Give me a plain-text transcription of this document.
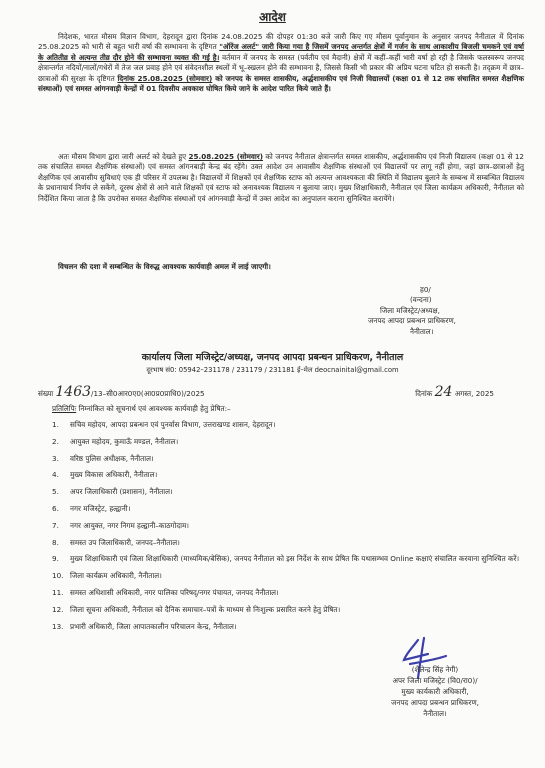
आदेश
निदेशक, भारत मौसम विज्ञान विभाग, देहरादून द्वारा दिनांक 24.08.2025 की दोपहर 01:30 बजे जारी किए गए मौसम पूर्वानुमान के अनुसार जनपद नैनीताल में दिनांक 25.08.2025 को भारी से बहुत भारी वर्षा की सम्भावना के दृष्टिगत "ऑरेंज अलर्ट" जारी किया गया है जिसमें जनपद अन्तर्गत क्षेत्रों में गर्जन के साथ आकाशीय बिजली चमकने एवं वर्षा के अतितीव्र से अत्यन्त तीव्र दौर होने की सम्भावना व्यक्त की गई है। वर्तमान में जनपद के समस्त (पर्वतीय एवं मैदानी) क्षेत्रों में कहीं–कहीं भारी वर्षा हो रही है जिसके फलस्वरूप जनपद क्षेत्रान्तर्गत नदियों/नालों/गधेरों में तेज जल प्रवाह होने एवं संवेदनशील स्थलों में भू–स्खलन होने की सम्भावना है, जिससे किसी भी प्रकार की अप्रिय घटना घटित हो सकती है। तद्क्रम में छात्र–छात्राओं की सुरक्षा के दृष्टिगत दिनांक 25.08.2025 (सोमवार) को जनपद के समस्त शासकीय, अर्द्धशासकीय एवं निजी विद्यालयों (कक्षा 01 से 12 तक संचालित समस्त शैक्षणिक संस्थाओं) एवं समस्त आंगनवाड़ी केन्द्रों में 01 दिवसीय अवकाश घोषित किये जाने के आदेश पारित किये जाते हैं।
अतः मौसम विभाग द्वारा जारी अलर्ट को देखते हुए 25.08.2025 (सोमवार) को जनपद नैनीताल क्षेत्रान्तर्गत समस्त शासकीय, अर्द्धशासकीय एवं निजी विद्यालय (कक्षा 01 से 12 तक संचालित समस्त शैक्षणिक संस्थाओं) एवं समस्त आंगनबाड़ी केन्द्र बंद रहेंगे। उक्त आदेश उन आवासीय शैक्षणिक संस्थाओं एवं विद्यालयों पर लागू नहीं होगा, जहां छात्र–छात्राओं हेतु शैक्षणिक एवं आवासीय सुविधाएं एक ही परिसर में उपलब्ध है। विद्यालयों में शिक्षकों एवं शैक्षणिक स्टाफ को अत्यन्त आवश्यकता की स्थिति में विद्यालय बुलाने के सम्बन्ध में सम्बन्धित विद्यालय के प्रधानाचार्य निर्णय ले सकेंगे, दूरस्थ क्षेत्रों से आने वाले शिक्षकों एवं स्टाफ को अनावश्यक विद्यालय न बुलाया जाए। मुख्य शिक्षाधिकारी, नैनीताल एवं जिला कार्यक्रम अधिकारी, नैनीताल को निर्देशित किया जाता है कि उपरोक्त समस्त शैक्षणिक संस्थाओं एवं आंगनवाड़ी केन्द्रों में उक्त आदेश का अनुपालन कराना सुनिश्चित करायेंगे।
विचलन की दशा में सम्बन्धित के विरुद्ध आवश्यक कार्यवाही अमल में लाई जाएगी।
ह0/
(वन्दना)
जिला मजिस्ट्रेट/अध्यक्ष,
जनपद आपदा प्रबन्धन प्राधिकरण,
नैनीताल।
कार्यालय जिला मजिस्ट्रेट/अध्यक्ष, जनपद आपदा प्रबन्धन प्राधिकरण, नैनीताल
दूरभाष सं0: 05942–231178 / 231179 / 231181 ई–मेल deocnainital@gmail.com
संख्या 1463/13–सी0आर0ए0(आ0प्र0प्राधि0)/2025	दिनांक 24 अगस्त, 2025
प्रतिलिपिः निम्नांकित को सूचनार्थ एवं आवश्यक कार्यवाही हेतु प्रेषित:–
1.	सचिव महोदय, आपदा प्रबन्धन एवं पुनर्वास विभाग, उत्तराखण्ड शासन, देहरादून।
2.	आयुक्त महोदय, कुमाऊँ मण्डल, नैनीताल।
3.	वरिष्ठ पुलिस अधीक्षक, नैनीताल।
4.	मुख्य विकास अधिकारी, नैनीताल।
5.	अपर जिलाधिकारी (प्रशासन), नैनीताल।
6.	नगर मजिस्ट्रेट, हल्द्वानी।
7.	नगर आयुक्त, नगर निगम हल्द्वानी–काठगोदाम।
8.	समस्त उप जिलाधिकारी, जनपद–नैनीताल।
9.	मुख्य शिक्षाधिकारी एवं जिला शिक्षाधिकारी (माध्यमिक/बेसिक), जनपद नैनीताल को इस निर्देश के साथ प्रेषित कि यथासम्भव Online कक्षाएं संचालित करवाना सुनिश्चित करें।
10. जिला कार्यक्रम अधिकारी, नैनीताल।
11. समस्त अधिशासी अधिकारी, नगर पालिका परिषद्/नगर पंचायत, जनपद नैनीताल।
12. जिला सूचना अधिकारी, नैनीताल को दैनिक समाचार–पत्रों के माध्यम से निःशुल्क प्रसारित करने हेतु प्रेषित।
13. प्रभारी अधिकारी, जिला आपातकालीन परिचालन केन्द्र, नैनीताल।
(शैलेन्द्र सिंह नेगी)
अपर जिला मजिस्ट्रेट (वि0/रा0)/
मुख्य कार्यकारी अधिकारी,
जनपद आपदा प्रबन्धन प्राधिकरण,
नैनीताल।
